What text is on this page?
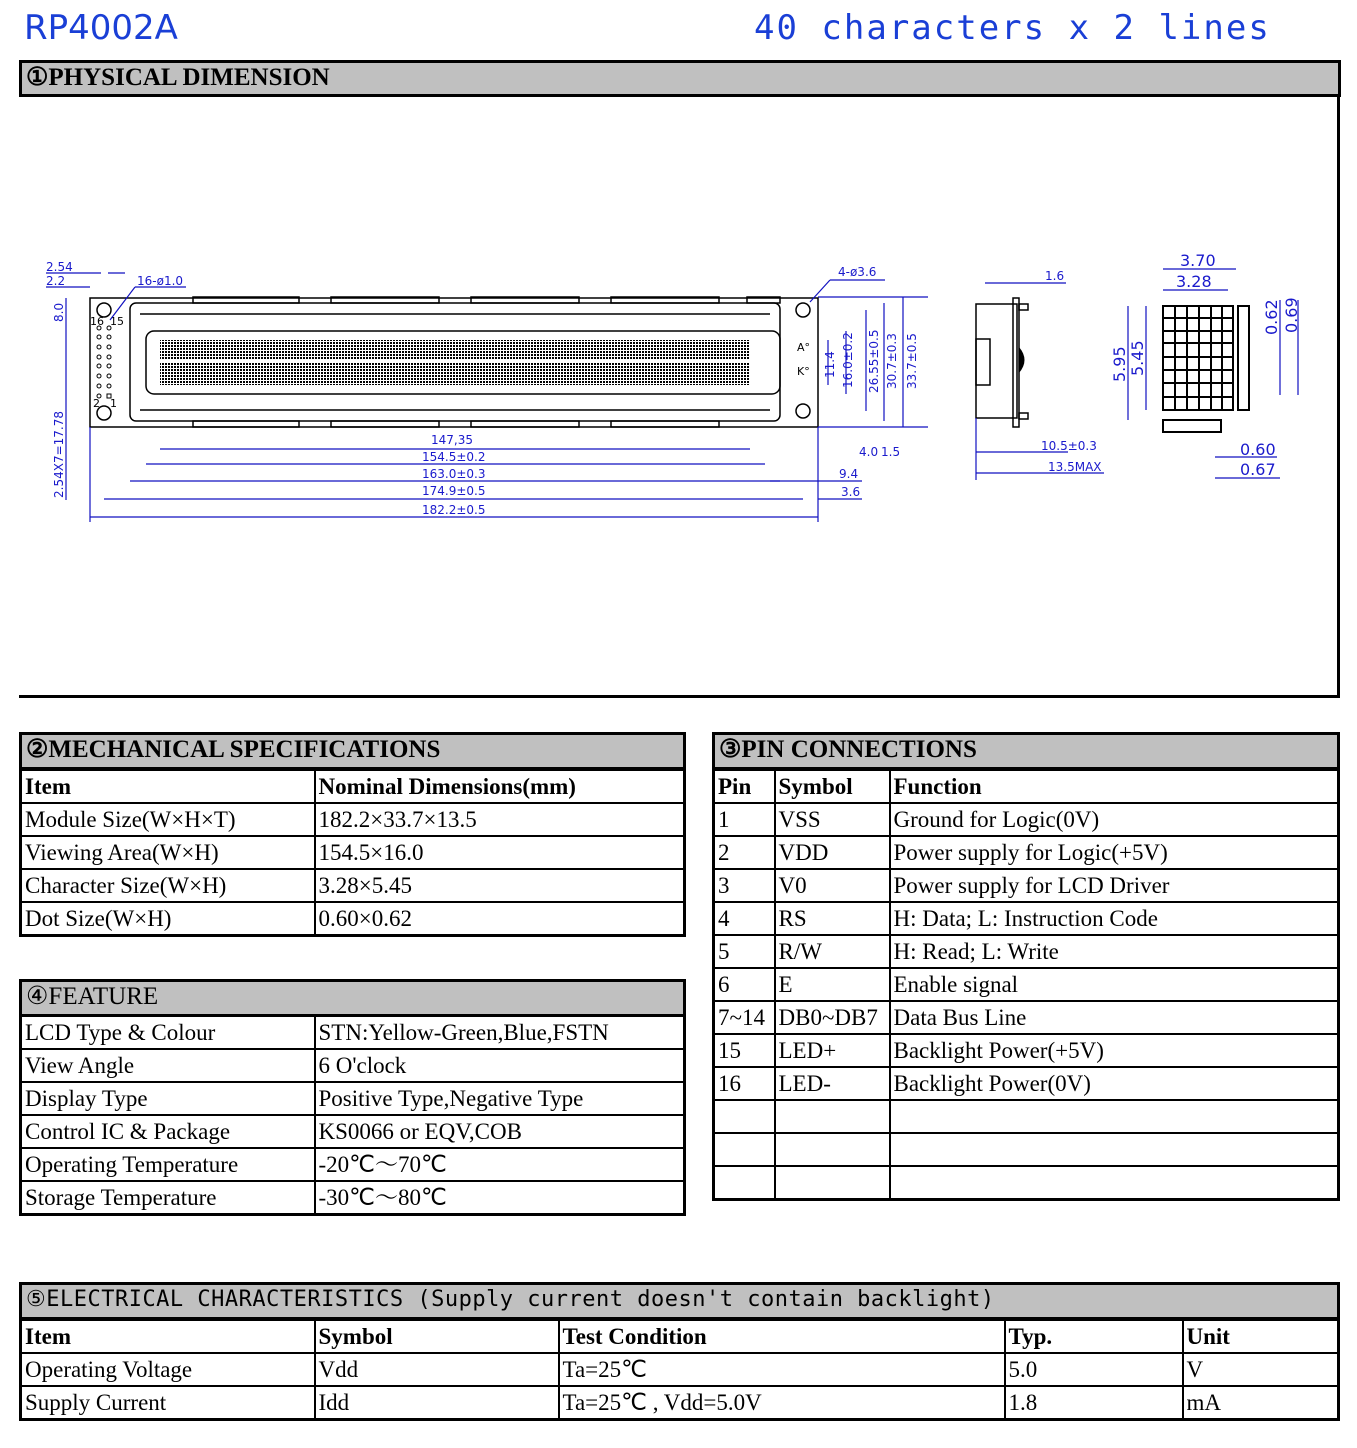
RP4002A	40 characters x 2 lines
①PHYSICAL DIMENSION
16 15
2 1
A°
K°
2.54
2.2	16-ø1.0
8.0
2.54X7=17.78	147,35
154.5±0.2
163.0±0.3
174.9±0.5
182.2±0.5
4-ø3.6
11.4 16.0±0.2 26.55±0.5 30.7±0.3 33.7±0.5
4.0 1.5
9.4
3.6
1.6
10.5±0.3
13.5MAX
3.70
3.28
5.95 5.45
0.62 0.69
0.60
0.67
②MECHANICAL SPECIFICATIONS
Item	Nominal Dimensions(mm)
Module Size(W×H×T)	182.2×33.7×13.5
Viewing Area(W×H)	154.5×16.0
Character Size(W×H)	3.28×5.45
Dot Size(W×H)	0.60×0.62
④FEATURE
LCD Type & Colour	STN:Yellow-Green,Blue,FSTN
View Angle	6 O'clock
Display Type	Positive Type,Negative Type
Control IC & Package	KS0066 or EQV,COB
Operating Temperature	-20℃～70℃
Storage Temperature	-30℃～80℃
③PIN CONNECTIONS
Pin	Symbol	Function
1	VSS	Ground for Logic(0V)
2	VDD	Power supply for Logic(+5V)
3	V0	Power supply for LCD Driver
4	RS	H: Data; L: Instruction Code
5	R/W	H: Read; L: Write
6	E	Enable signal
7~14	DB0~DB7	Data Bus Line
15	LED+	Backlight Power(+5V)
16	LED-	Backlight Power(0V)

⑤ELECTRICAL CHARACTERISTICS (Supply current doesn't contain backlight)
Item	Symbol	Test Condition	Typ.	Unit
Operating Voltage	Vdd	Ta=25℃	5.0	V
Supply Current	Idd	Ta=25℃ , Vdd=5.0V	1.8	mA
